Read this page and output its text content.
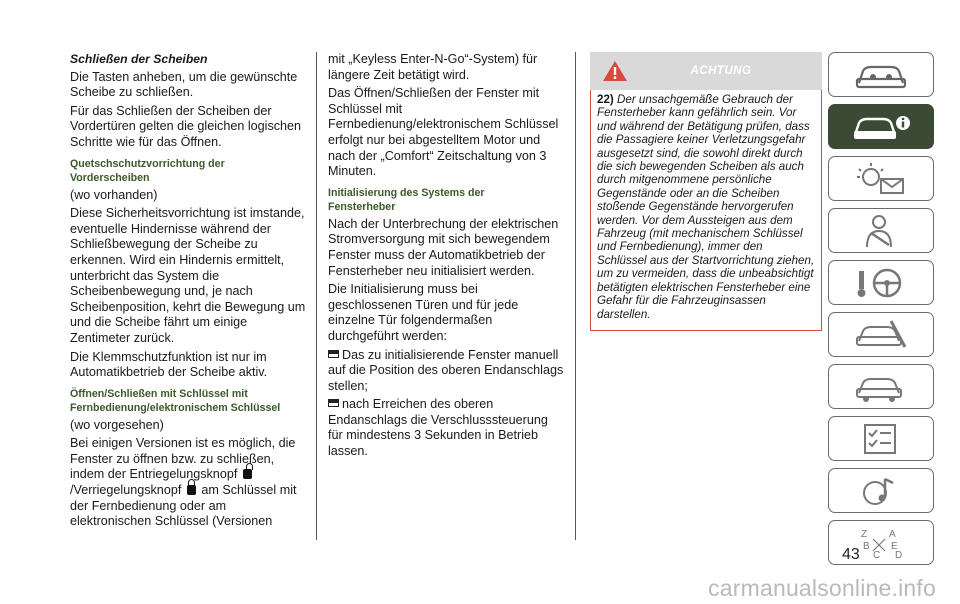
Schließen der Scheiben

Die Tasten anheben, um die gewünschte Scheibe zu schließen.

Für das Schließen der Scheiben der Vordertüren gelten die gleichen logischen Schritte wie für das Öffnen.

Quetschschutzvorrichtung der Vorderscheiben

(wo vorhanden)

Diese Sicherheitsvorrichtung ist imstande, eventuelle Hindernisse während der Schließbewegung der Scheibe zu erkennen. Wird ein Hindernis ermittelt, unterbricht das System die Scheibenbewegung und, je nach Scheibenposition, kehrt die Bewegung um und die Scheibe fährt um einige Zentimeter zurück.

Die Klemmschutzfunktion ist nur im Automatikbetrieb der Scheibe aktiv.

Öffnen/Schließen mit Schlüssel mit Fernbedienung/elektronischem Schlüssel

(wo vorgesehen)

Bei einigen Versionen ist es möglich, die Fenster zu öffnen bzw. zu schließen, indem der Entriegelungsknopf /Verriegelungsknopf am Schlüssel mit der Fernbedienung oder am elektronischen Schlüssel (Versionen

mit „Keyless Enter-N-Go“-System) für längere Zeit betätigt wird.

Das Öffnen/Schließen der Fenster mit Schlüssel mit Fernbedienung/elektronischem Schlüssel erfolgt nur bei abgestelltem Motor und nach der „Comfort“ Zeitschaltung von 3 Minuten.

Initialisierung des Systems der Fensterheber

Nach der Unterbrechung der elektrischen Stromversorgung mit sich bewegendem Fenster muss der Automatikbetrieb der Fensterheber neu initialisiert werden.

Die Initialisierung muss bei geschlossenen Türen und für jede einzelne Tür folgendermaßen durchgeführt werden:

Das zu initialisierende Fenster manuell auf die Position des oberen Endanschlags stellen;

nach Erreichen des oberen Endanschlags die Verschlusssteuerung für mindestens 3 Sekunden in Betrieb lassen.

ACHTUNG
22) Der unsachgemäße Gebrauch der Fensterheber kann gefährlich sein. Vor und während der Betätigung prüfen, dass die Passagiere keiner Verletzungsgefahr ausgesetzt sind, die sowohl direkt durch die sich bewegenden Scheiben als auch durch mitgenommene persönliche Gegenstände oder an die Scheiben stoßende Gegenstände hervorgerufen werden. Vor dem Aussteigen aus dem Fahrzeug (mit mechanischem Schlüssel und Fernbedienung), immer den Schlüssel aus der Startvorrichtung ziehen, um zu vermeiden, dass die unbeabsichtigt betätigten elektrischen Fensterheber eine Gefahr für die Fahrzeuginsassen darstellen.
Z A
B E
C D
43
carmanualsonline.info
